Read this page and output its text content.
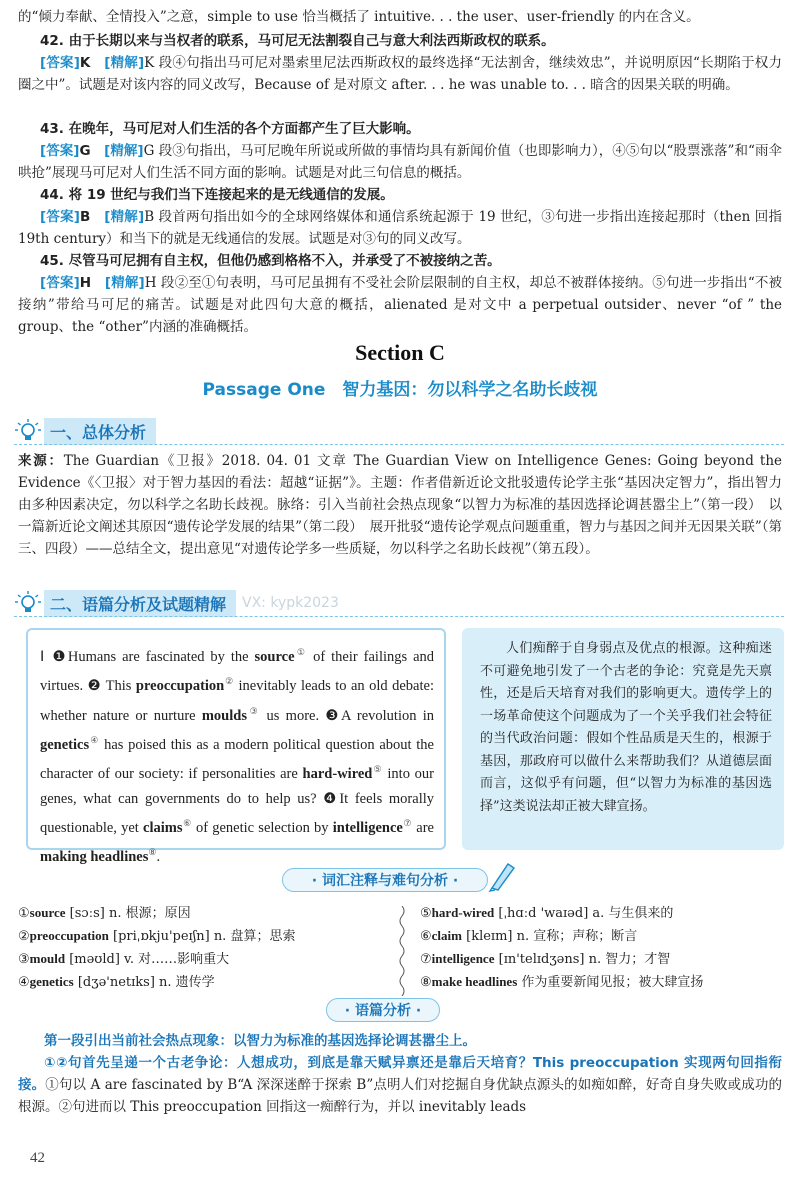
的“倾力奉献、全情投入”之意，simple to use 恰当概括了 intuitive. . . the user、user-friendly 的内在含义。
42. 由于长期以来与当权者的联系，马可尼无法割裂自己与意大利法西斯政权的联系。
[答案]K　 [精解]K 段④句指出马可尼对墨索里尼法西斯政权的最终选择“无法割舍，继续效忠”，并说明原因“长期陷于权力圈之中”。试题是对该内容的同义改写，Because of 是对原文 after. . . he was unable to. . . 暗含的因果关联的明确。
43. 在晚年，马可尼对人们生活的各个方面都产生了巨大影响。
[答案]G　 [精解]G 段③句指出，马可尼晚年所说或所做的事情均具有新闻价值（也即影响力），④⑤句以“股票涨落”和“雨伞哄抢”展现马可尼对人们生活不同方面的影响。试题是对此三句信息的概括。
44. 将 19 世纪与我们当下连接起来的是无线通信的发展。
[答案]B　 [精解]B 段首两句指出如今的全球网络媒体和通信系统起源于 19 世纪，③句进一步指出连接起那时（then 回指 19th century）和当下的就是无线通信的发展。试题是对③句的同义改写。
45. 尽管马可尼拥有自主权，但他仍感到格格不入，并承受了不被接纳之苦。
[答案]H　 [精解]H 段②至①句表明，马可尼虽拥有不受社会阶层限制的自主权，却总不被群体接纳。⑤句进一步指出“不被接纳”带给马可尼的痛苦。试题是对此四句大意的概括，alienated 是对文中 a perpetual outsider、never “of ” the group、the “other”内涵的准确概括。
Section C
Passage One　智力基因：勿以科学之名助长歧视
一、总体分析
来源：The Guardian《卫报》2018. 04. 01 文章 The Guardian View on Intelligence Genes: Going beyond the Evidence《〈卫报〉对于智力基因的看法：超越“证据”》。主题：作者借新近论文批驳遗传论学主张“基因决定智力”，指出智力由多种因素决定，勿以科学之名助长歧视。脉络：引入当前社会热点现象“以智力为标准的基因选择论调甚嚣尘上”（第一段）　以一篇新近论文阐述其原因“遗传论学发展的结果”（第二段）　展开批驳“遗传论学观点问题重重，智力与基因之间并无因果关联”（第三、四段）——总结全文，提出意见“对遗传论学多一些质疑，勿以科学之名助长歧视”（第五段）。
二、语篇分析及试题精解	VX: kypk2023
Ⅰ ❶Humans are fascinated by the source① of their failings and virtues. ❷ This preoccupation② inevitably leads to an old debate: whether nature or nurture moulds③ us more. ❸A revolution in genetics④ has poised this as a modern political question about the character of our society: if personalities are hard-wired⑤ into our genes, what can governments do to help us? ❹It feels morally questionable, yet claims⑥ of genetic selection by intelligence⑦ are making headlines⑧.
人们痴醉于自身弱点及优点的根源。这种痴迷不可避免地引发了一个古老的争论：究竟是先天禀性，还是后天培育对我们的影响更大。遗传学上的一场革命使这个问题成为了一个关乎我们社会特征的当代政治问题：假如个性品质是天生的，根源于基因，那政府可以做什么来帮助我们？从道德层面而言，这似乎有问题，但“以智力为标准的基因选择”这类说法却正被大肆宣扬。
· 词汇注释与难句分析 ·
①source [sɔːs] n. 根源；原因
②preoccupation [priˌɒkju'peɪʃn] n. 盘算；思索
③mould [məʊld] v. 对……影响重大
④genetics [dʒə'netɪks] n. 遗传学
⑤hard-wired [ˌhɑːd 'waɪəd] a. 与生俱来的
⑥claim [kleɪm] n. 宣称；声称；断言
⑦intelligence [ɪn'telɪdʒəns] n. 智力；才智
⑧make headlines 作为重要新闻见报；被大肆宣扬
· 语篇分析 ·
第一段引出当前社会热点现象：以智力为标准的基因选择论调甚嚣尘上。
①②句首先呈递一个古老争论：人想成功，到底是靠天赋异禀还是靠后天培育？This preoccupation 实现两句回指衔接。①句以 A are fascinated by B“A 深深迷醉于探索 B”点明人们对挖掘自身优缺点源头的如痴如醉，好奇自身失败或成功的根源。②句进而以 This preoccupation 回指这一痴醉行为，并以 inevitably leads
42
